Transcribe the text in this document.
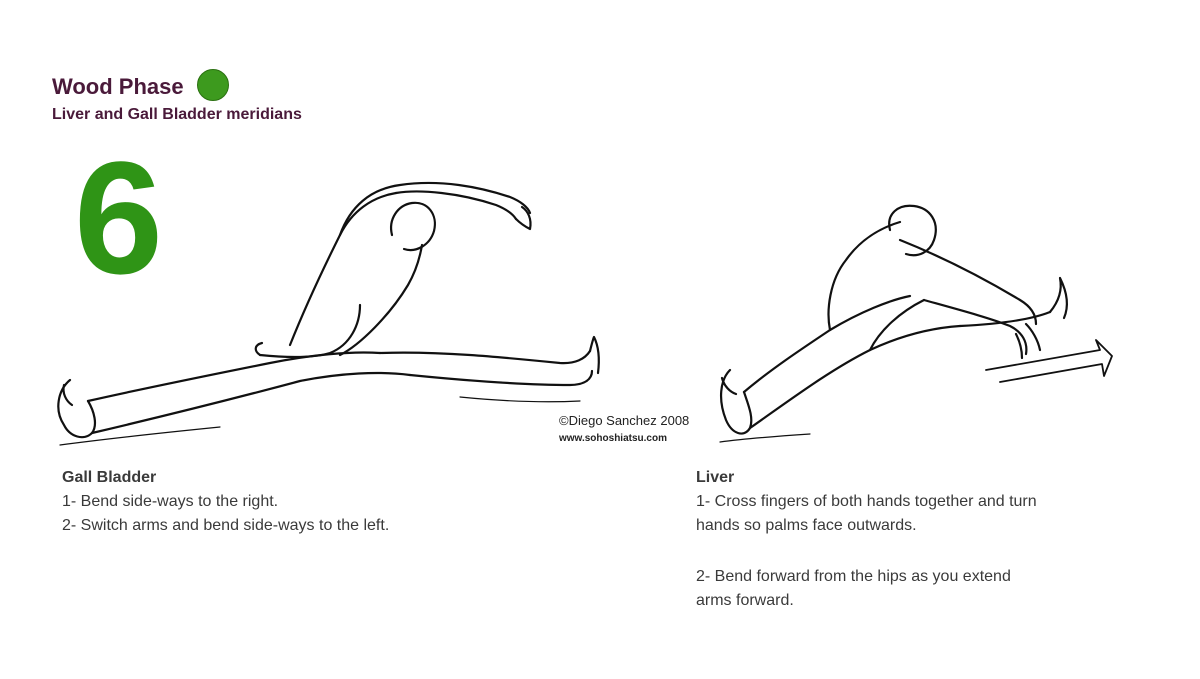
Wood Phase
Liver and Gall Bladder meridians
6
©Diego Sanchez 2008
www.sohoshiatsu.com
Gall Bladder
1- Bend side-ways to the right.
2- Switch arms and bend side-ways to the left.
Liver
1- Cross fingers of both hands together and turn
hands so palms face outwards.
2- Bend forward from the hips as you extend
arms forward.
